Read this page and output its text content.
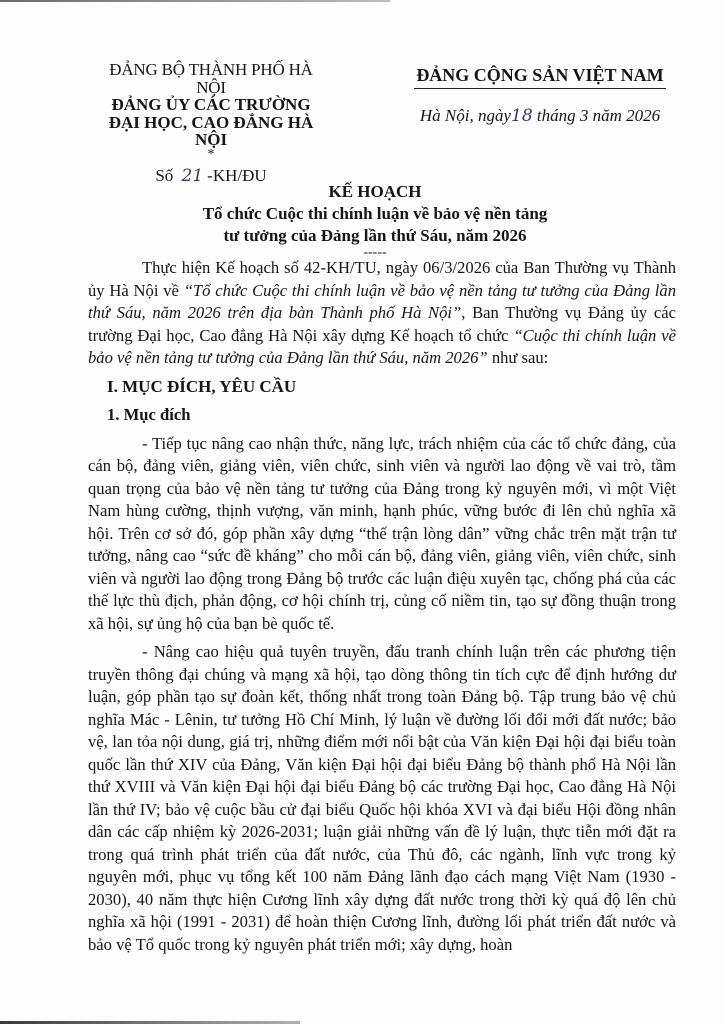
ĐẢNG BỘ THÀNH PHỐ HÀ NỘI
ĐẢNG ỦY CÁC TRƯỜNG
ĐẠI HỌC, CAO ĐẲNG HÀ NỘI
*
Số 21 -KH/ĐU
ĐẢNG CỘNG SẢN VIỆT NAM
Hà Nội, ngày18 tháng 3 năm 2026
KẾ HOẠCH
Tổ chức Cuộc thi chính luận về bảo vệ nền tảng
tư tưởng của Đảng lần thứ Sáu, năm 2026
-----

Thực hiện Kế hoạch số 42-KH/TU, ngày 06/3/2026 của Ban Thường vụ Thành ủy Hà Nội về “Tổ chức Cuộc thi chính luận về bảo vệ nền tảng tư tưởng của Đảng lần thứ Sáu, năm 2026 trên địa bàn Thành phố Hà Nội”, Ban Thường vụ Đảng ủy các trường Đại học, Cao đẳng Hà Nội xây dựng Kế hoạch tổ chức “Cuộc thi chính luận về bảo vệ nền tảng tư tưởng của Đảng lần thứ Sáu, năm 2026” như sau:

I. MỤC ĐÍCH, YÊU CẦU

1. Mục đích

- Tiếp tục nâng cao nhận thức, năng lực, trách nhiệm của các tổ chức đảng, của cán bộ, đảng viên, giảng viên, viên chức, sinh viên và người lao động về vai trò, tầm quan trọng của bảo vệ nền tảng tư tưởng của Đảng trong kỷ nguyên mới, vì một Việt Nam hùng cường, thịnh vượng, văn minh, hạnh phúc, vững bước đi lên chủ nghĩa xã hội. Trên cơ sở đó, góp phần xây dựng “thế trận lòng dân” vững chắc trên mặt trận tư tưởng, nâng cao “sức đề kháng” cho mỗi cán bộ, đảng viên, giảng viên, viên chức, sinh viên và người lao động trong Đảng bộ trước các luận điệu xuyên tạc, chống phá của các thế lực thù địch, phản động, cơ hội chính trị, củng cố niềm tin, tạo sự đồng thuận trong xã hội, sự ủng hộ của bạn bè quốc tế.

- Nâng cao hiệu quả tuyên truyền, đấu tranh chính luận trên các phương tiện truyền thông đại chúng và mạng xã hội, tạo dòng thông tin tích cực để định hướng dư luận, góp phần tạo sự đoàn kết, thống nhất trong toàn Đảng bộ. Tập trung bảo vệ chủ nghĩa Mác - Lênin, tư tưởng Hồ Chí Minh, lý luận về đường lối đổi mới đất nước; bảo vệ, lan tỏa nội dung, giá trị, những điểm mới nổi bật của Văn kiện Đại hội đại biểu toàn quốc lần thứ XIV của Đảng, Văn kiện Đại hội đại biểu Đảng bộ thành phố Hà Nội lần thứ XVIII và Văn kiện Đại hội đại biểu Đảng bộ các trường Đại học, Cao đẳng Hà Nội lần thứ IV; bảo vệ cuộc bầu cử đại biểu Quốc hội khóa XVI và đại biểu Hội đồng nhân dân các cấp nhiệm kỳ 2026-2031; luận giải những vấn đề lý luận, thực tiễn mới đặt ra trong quá trình phát triển của đất nước, của Thủ đô, các ngành, lĩnh vực trong kỷ nguyên mới, phục vụ tổng kết 100 năm Đảng lãnh đạo cách mạng Việt Nam (1930 - 2030), 40 năm thực hiện Cương lĩnh xây dựng đất nước trong thời kỳ quá độ lên chủ nghĩa xã hội (1991 - 2031) để hoàn thiện Cương lĩnh, đường lối phát triển đất nước và bảo vệ Tổ quốc trong kỷ nguyên phát triển mới; xây dựng, hoàn
